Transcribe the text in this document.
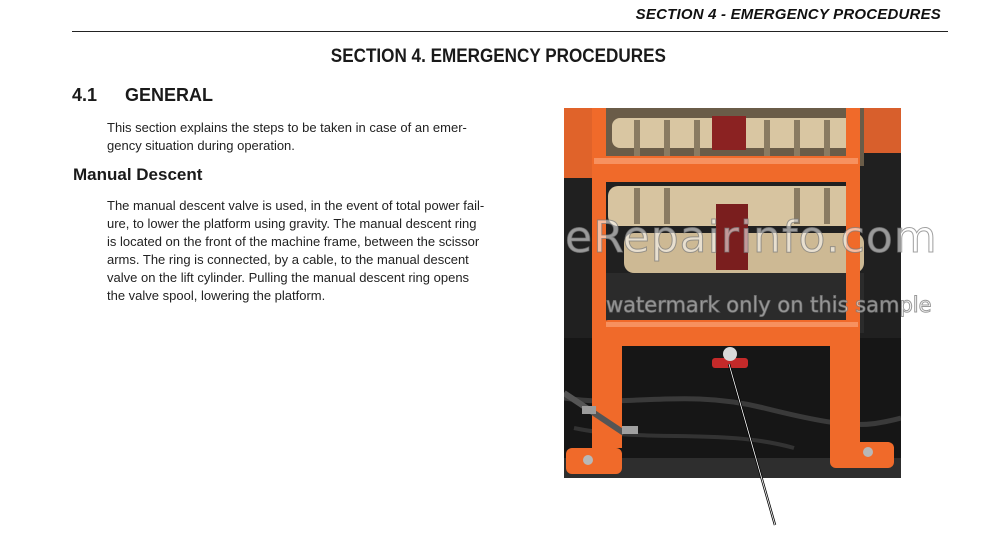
SECTION 4 - EMERGENCY PROCEDURES
SECTION 4. EMERGENCY PROCEDURES
4.1 GENERAL
This section explains the steps to be taken in case of an emer-
gency situation during operation.
Manual Descent
The manual descent valve is used, in the event of total power fail-
ure, to lower the platform using gravity. The manual descent ring
is located on the front of the machine frame, between the scissor
arms. The ring is connected, by a cable, to the manual descent
valve on the lift cylinder. Pulling the manual descent ring opens
the valve spool, lowering the platform.
eRepairinfo.com
watermark only on this sample
